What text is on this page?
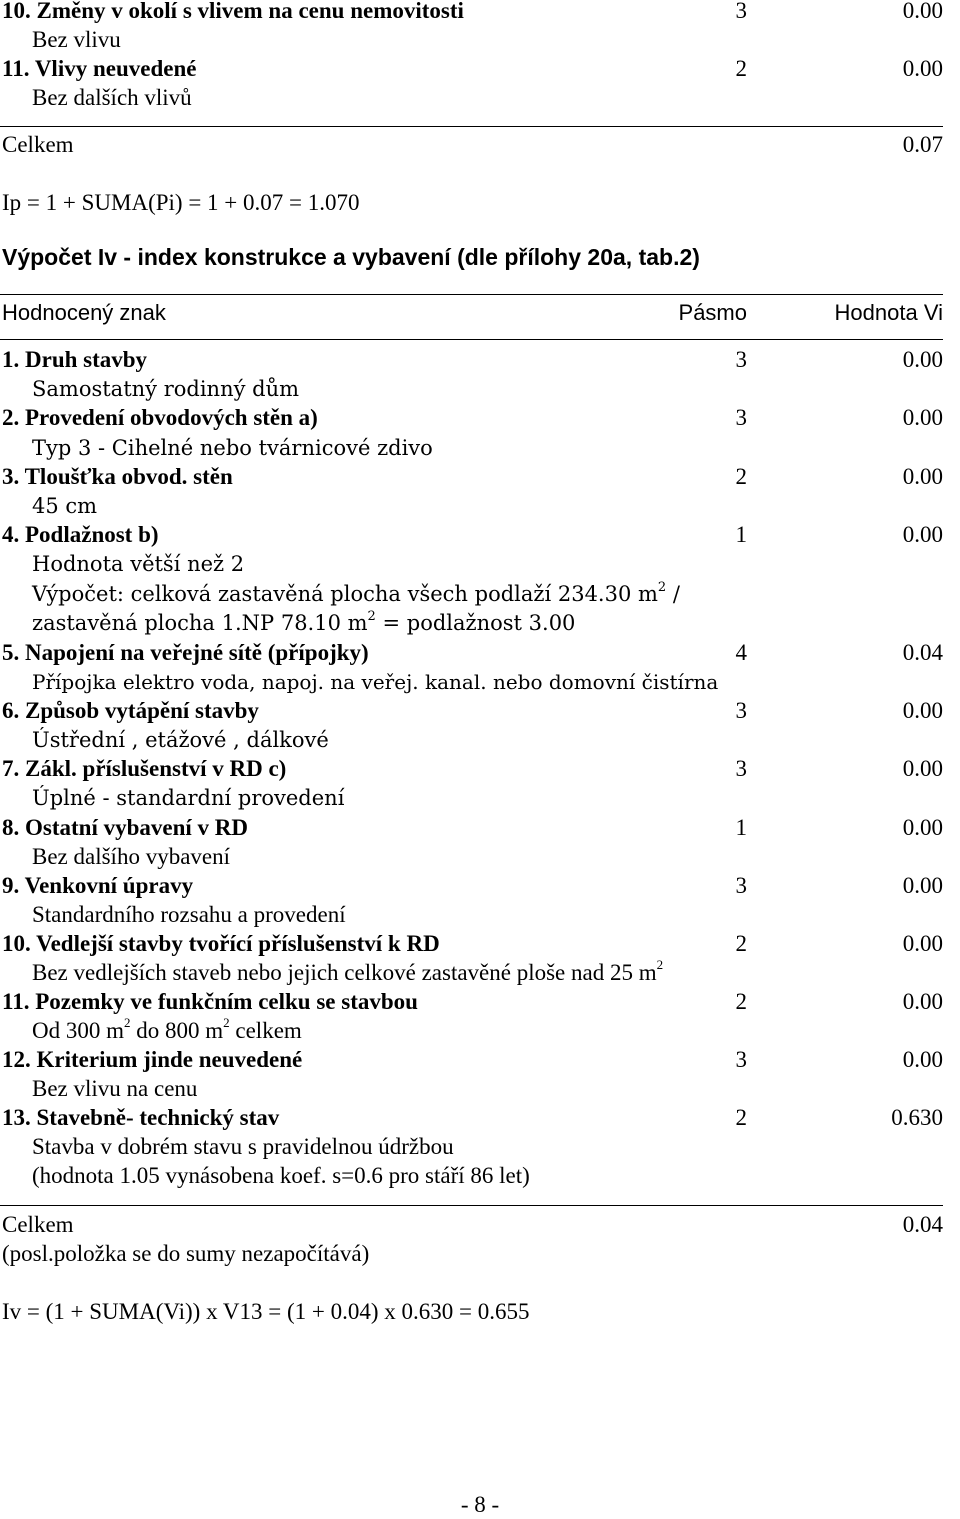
10. Změny v okolí s vlivem na cenu nemovitosti	3	0.00
Bez vlivu
11. Vlivy neuvedené	2	0.00
Bez dalších vlivů
Celkem	0.07
Ip = 1 + SUMA(Pi) = 1 + 0.07 = 1.070
Výpočet Iv - index konstrukce a vybavení (dle přílohy 20a, tab.2)
Hodnocený znak	Pásmo	Hodnota Vi
1. Druh stavby	3	0.00
Samostatný rodinný dům
2. Provedení obvodových stěn a)	3	0.00
Typ 3 - Cihelné nebo tvárnicové zdivo
3. Tloušťka obvod. stěn	2	0.00
45 cm
4. Podlažnost b)	1	0.00
Hodnota větší než 2
Výpočet: celková zastavěná plocha všech podlaží 234.30 $m^2$ /
zastavěná plocha 1.NP 78.10 $m^2$ = podlažnost 3.00
5. Napojení na veřejné sítě (přípojky)	4	0.04
Přípojka elektro voda, napoj. na veřej. kanal. nebo domovní čistírna
6. Způsob vytápění stavby	3	0.00
Ústřední , etážové , dálkové
7. Zákl. příslušenství v RD c)	3	0.00
Úplné - standardní provedení
8. Ostatní vybavení v RD	1	0.00
Bez dalšího vybavení
9. Venkovní úpravy	3	0.00
Standardního rozsahu a provedení
10. Vedlejší stavby tvořící příslušenství k RD	2	0.00
Bez vedlejších staveb nebo jejich celkové zastavěné ploše nad 25 $m^2$
11. Pozemky ve funkčním celku se stavbou	2	0.00
Od 300 $m^2$ do 800 $m^2$ celkem
12. Kriterium jinde neuvedené	3	0.00
Bez vlivu na cenu
13. Stavebně- technický stav	2	0.630
Stavba v dobrém stavu s pravidelnou údržbou
(hodnota 1.05 vynásobena koef. s=0.6 pro stáří 86 let)
Celkem	0.04
(posl.položka se do sumy nezapočítává)
Iv = (1 + SUMA(Vi)) x V13 = (1 + 0.04) x 0.630 = 0.655
- 8 -
